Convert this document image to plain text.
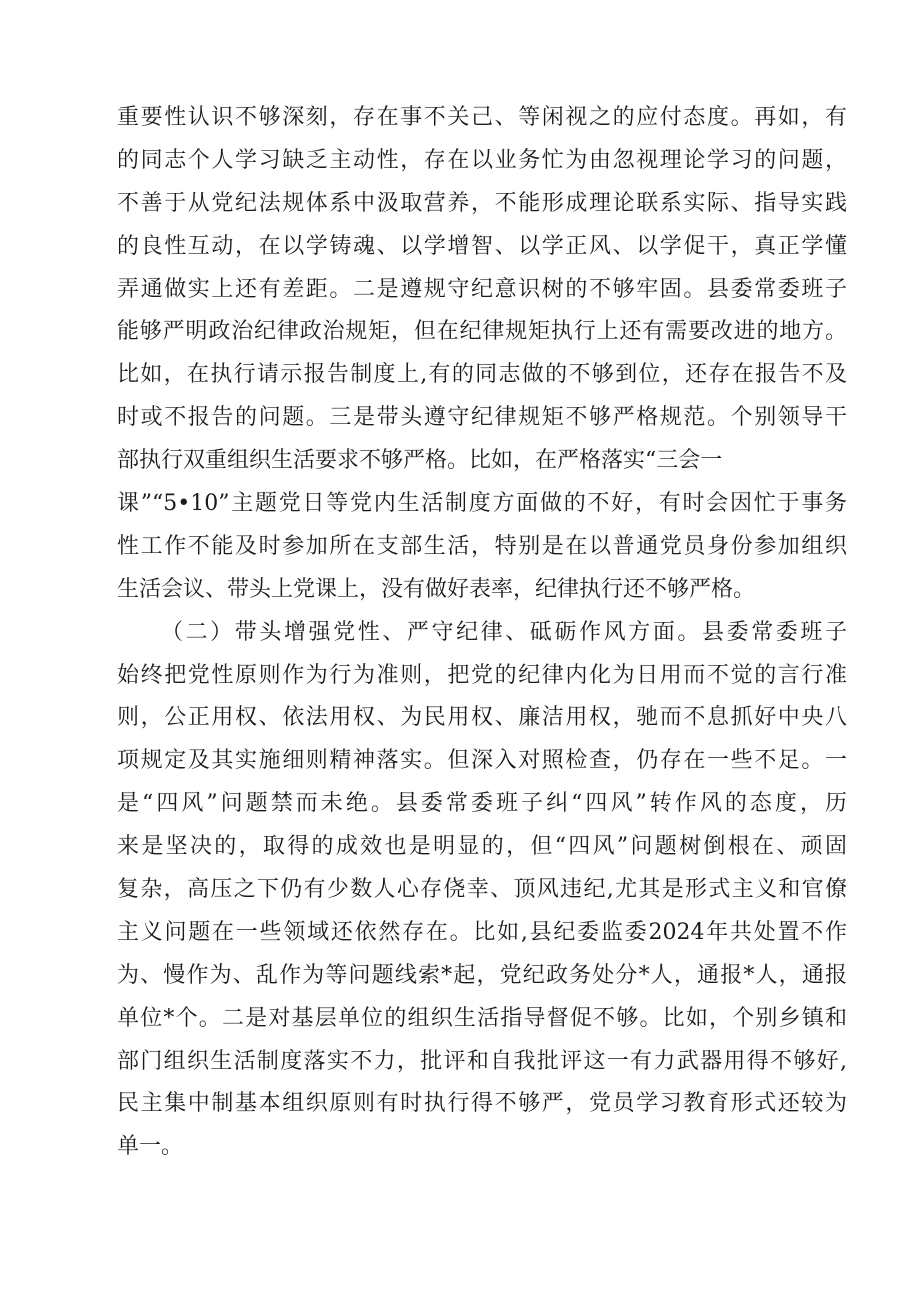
重要性认识不够深刻，存在事不关己、等闲视之的应付态度。再如，有
的同志个人学习缺乏主动性，存在以业务忙为由忽视理论学习的问题，
不善于从党纪法规体系中汲取营养，不能形成理论联系实际、指导实践
的良性互动，在以学铸魂、以学增智、以学正风、以学促干，真正学懂
弄通做实上还有差距。二是遵规守纪意识树的不够牢固。县委常委班子
能够严明政治纪律政治规矩，但在纪律规矩执行上还有需要改进的地方。
比如，在执行请示报告制度上,有的同志做的不够到位，还存在报告不及
时或不报告的问题。三是带头遵守纪律规矩不够严格规范。个别领导干
部执行双重组织生活要求不够严格。比如，在严格落实“三会一
课”“5•10”主题党日等党内生活制度方面做的不好，有时会因忙于事务
性工作不能及时参加所在支部生活，特别是在以普通党员身份参加组织
生活会议、带头上党课上，没有做好表率，纪律执行还不够严格。
（二）带头增强党性、严守纪律、砥砺作风方面。县委常委班子
始终把党性原则作为行为准则，把党的纪律内化为日用而不觉的言行准
则，公正用权、依法用权、为民用权、廉洁用权，驰而不息抓好中央八
项规定及其实施细则精神落实。但深入对照检查，仍存在一些不足。一
是“四风”问题禁而未绝。县委常委班子纠“四风”转作风的态度，历
来是坚决的，取得的成效也是明显的，但“四风”问题树倒根在、顽固
复杂，高压之下仍有少数人心存侥幸、顶风违纪,尤其是形式主义和官僚
主义问题在一些领域还依然存在。比如,县纪委监委2024年共处置不作
为、慢作为、乱作为等问题线索*起，党纪政务处分*人，通报*人，通报
单位*个。二是对基层单位的组织生活指导督促不够。比如，个别乡镇和
部门组织生活制度落实不力，批评和自我批评这一有力武器用得不够好,
民主集中制基本组织原则有时执行得不够严，党员学习教育形式还较为
单一。
